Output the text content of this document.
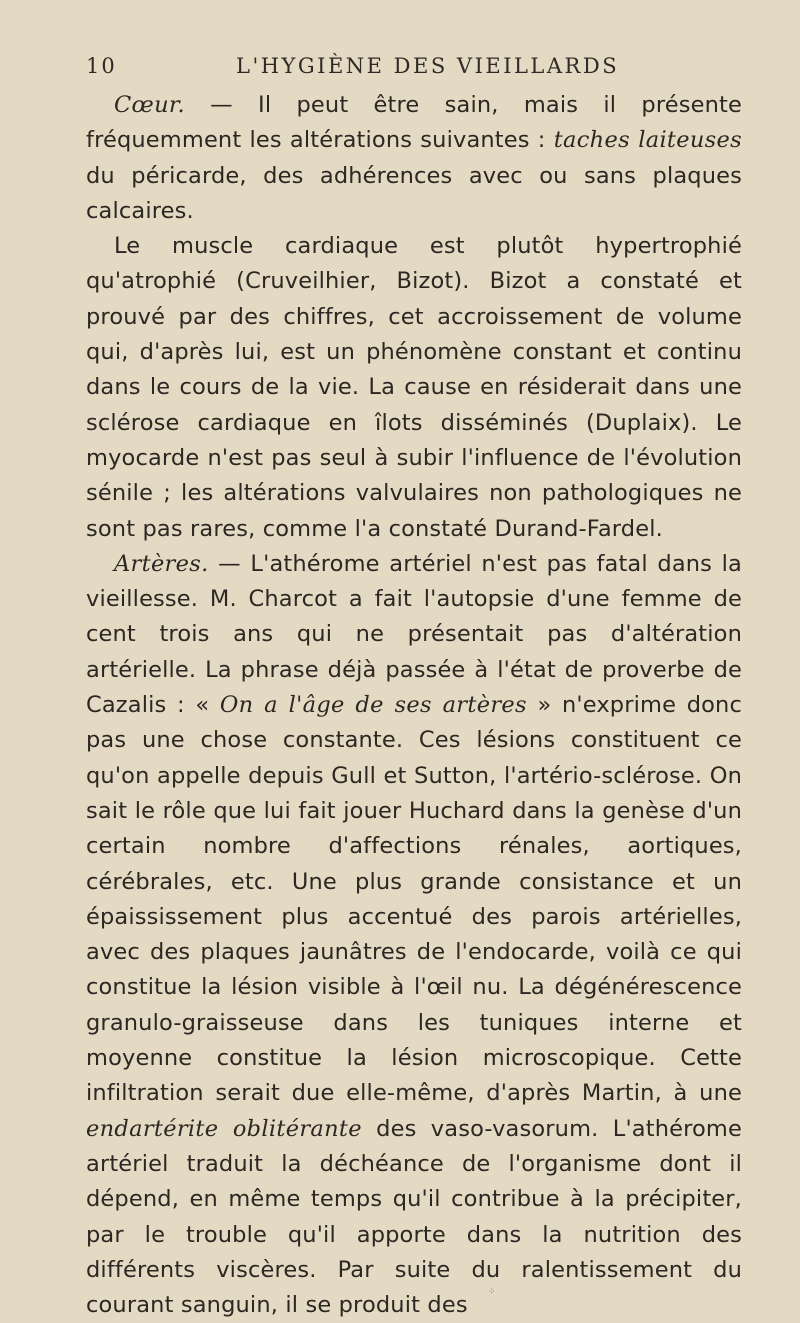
10	L'HYGIÈNE DES VIEILLARDS

Cœur. — Il peut être sain, mais il présente fréquemment les altérations suivantes : taches laiteuses du péricarde, des adhérences avec ou sans plaques calcaires.

Le muscle cardiaque est plutôt hypertrophié qu'atrophié (Cruveilhier, Bizot). Bizot a constaté et prouvé par des chiffres, cet accroissement de volume qui, d'après lui, est un phénomène constant et continu dans le cours de la vie. La cause en résiderait dans une sclérose cardiaque en îlots disséminés (Duplaix). Le myocarde n'est pas seul à subir l'influence de l'évolution sénile ; les altérations valvulaires non pathologiques ne sont pas rares, comme l'a constaté Durand-Fardel.

Artères. — L'athérome artériel n'est pas fatal dans la vieillesse. M. Charcot a fait l'autopsie d'une femme de cent trois ans qui ne présentait pas d'altération artérielle. La phrase déjà passée à l'état de proverbe de Cazalis : « On a l'âge de ses artères » n'exprime donc pas une chose constante. Ces lésions constituent ce qu'on appelle depuis Gull et Sutton, l'artério-sclérose. On sait le rôle que lui fait jouer Huchard dans la genèse d'un certain nombre d'affections rénales, aortiques, cérébrales, etc. Une plus grande consistance et un épaississement plus accentué des parois artérielles, avec des plaques jaunâtres de l'endocarde, voilà ce qui constitue la lésion visible à l'œil nu. La dégénérescence granulo-graisseuse dans les tuniques interne et moyenne constitue la lésion microscopique. Cette infiltration serait due elle-même, d'après Martin, à une endartérite oblitérante des vaso-vasorum. L'athérome artériel traduit la déchéance de l'organisme dont il dépend, en même temps qu'il contribue à la précipiter, par le trouble qu'il apporte dans la nutrition des différents viscères. Par suite du ralentissement du courant sanguin, il se produit des

⁘
